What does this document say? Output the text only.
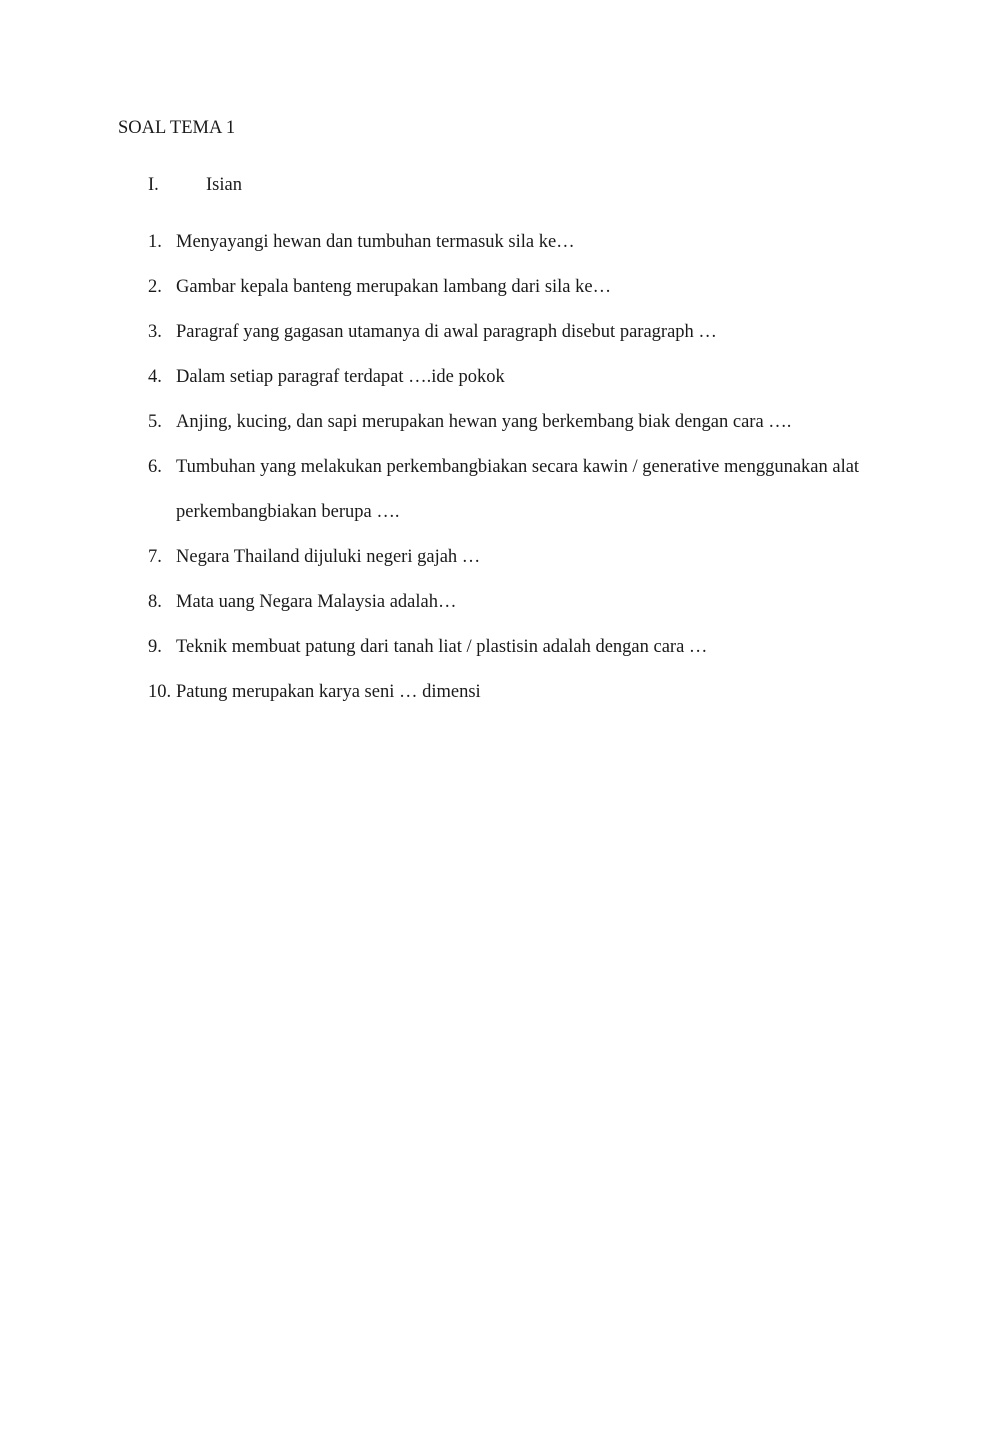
SOAL TEMA 1
I.	Isian
1. Menyayangi hewan dan tumbuhan termasuk sila ke…
2. Gambar kepala banteng merupakan lambang dari sila ke…
3. Paragraf yang gagasan utamanya di awal paragraph disebut paragraph …
4. Dalam setiap paragraf terdapat ….ide pokok
5. Anjing, kucing, dan sapi merupakan hewan yang berkembang biak dengan cara ….
6. Tumbuhan yang melakukan perkembangbiakan secara kawin / generative menggunakan alat perkembangbiakan berupa ….
7. Negara Thailand dijuluki negeri gajah …
8. Mata uang Negara Malaysia adalah…
9. Teknik membuat patung dari tanah liat / plastisin adalah dengan cara …
10. Patung merupakan karya seni … dimensi
